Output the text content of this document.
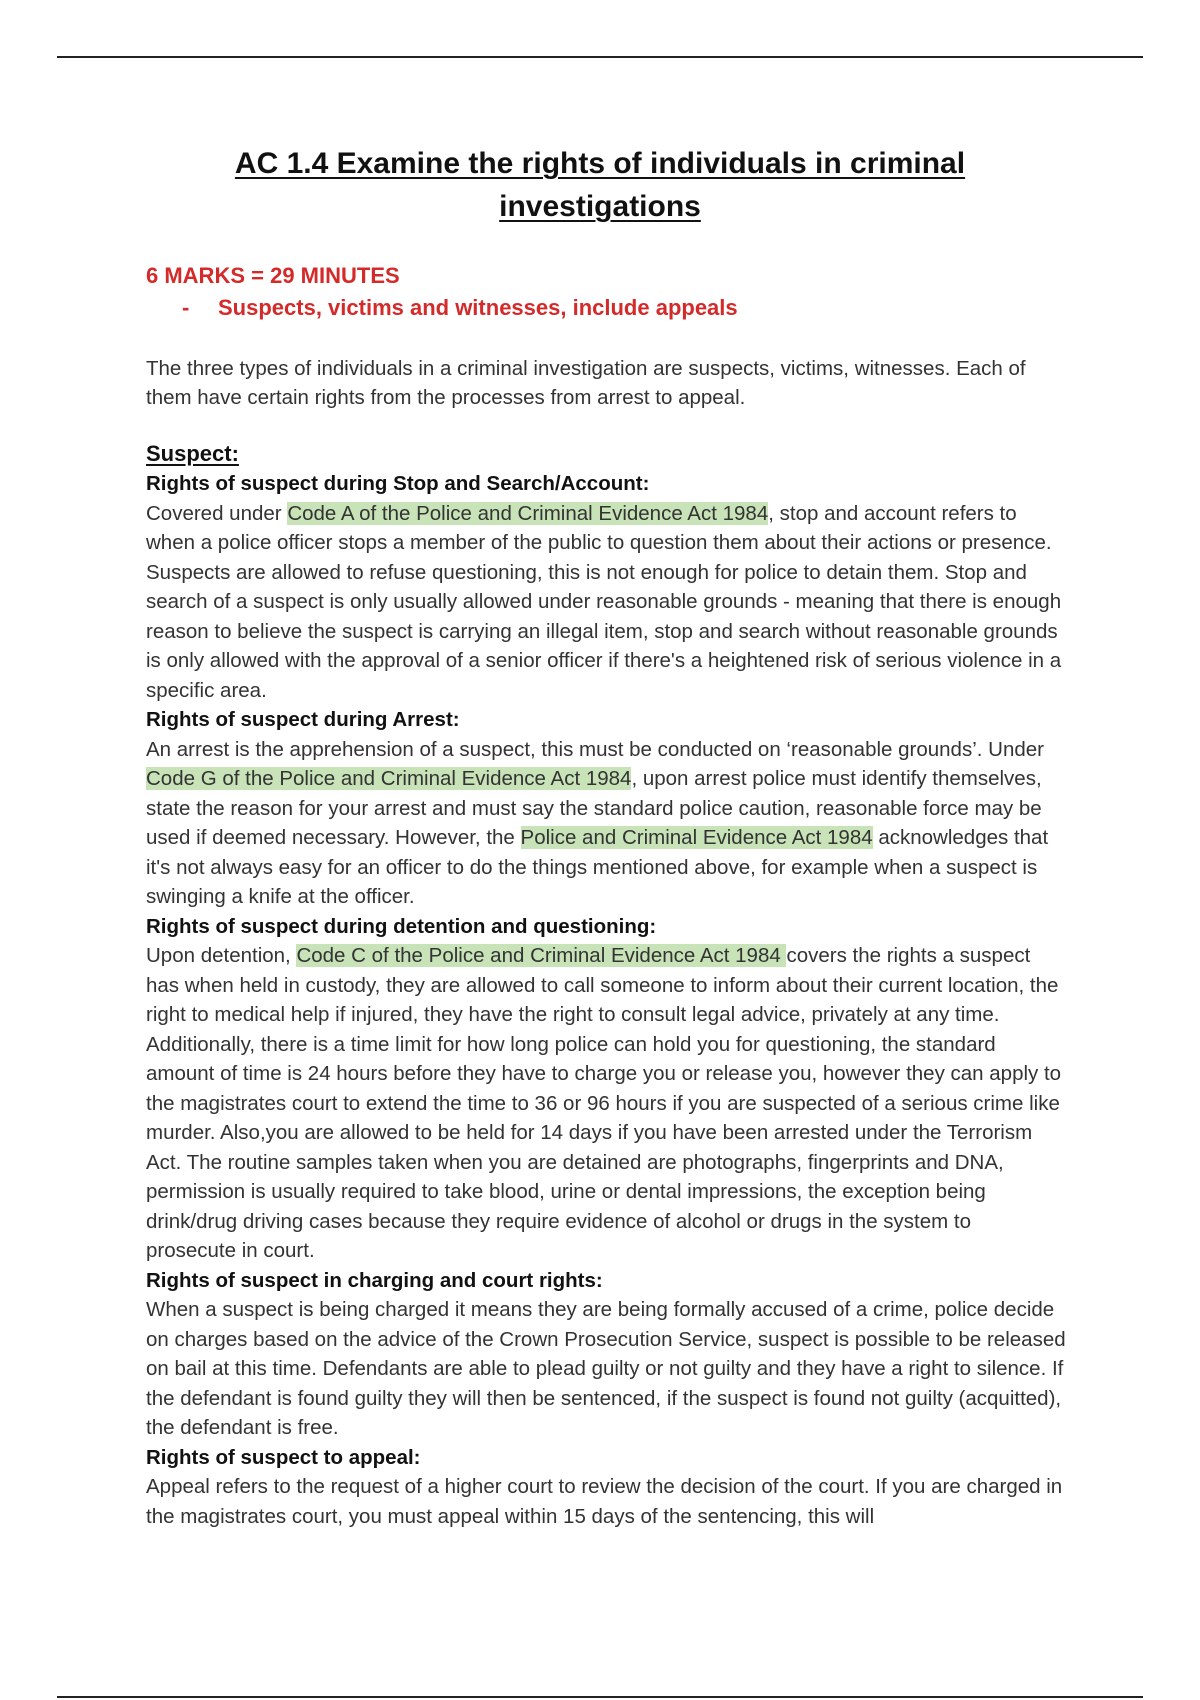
AC 1.4 Examine the rights of individuals in criminal investigations

6 MARKS = 29 MINUTES

-	Suspects, victims and witnesses, include appeals

The three types of individuals in a criminal investigation are suspects, victims, witnesses. Each of them have certain rights from the processes from arrest to appeal.

Suspect:

Rights of suspect during Stop and Search/Account:

Covered under Code A of the Police and Criminal Evidence Act 1984, stop and account refers to when a police officer stops a member of the public to question them about their actions or presence. Suspects are allowed to refuse questioning, this is not enough for police to detain them. Stop and search of a suspect is only usually allowed under reasonable grounds - meaning that there is enough reason to believe the suspect is carrying an illegal item, stop and search without reasonable grounds is only allowed with the approval of a senior officer if there's a heightened risk of serious violence in a specific area.

Rights of suspect during Arrest:

An arrest is the apprehension of a suspect, this must be conducted on ‘reasonable grounds’. Under Code G of the Police and Criminal Evidence Act 1984, upon arrest police must identify themselves, state the reason for your arrest and must say the standard police caution, reasonable force may be used if deemed necessary. However, the Police and Criminal Evidence Act 1984 acknowledges that it's not always easy for an officer to do the things mentioned above, for example when a suspect is swinging a knife at the officer.

Rights of suspect during detention and questioning:

Upon detention, Code C of the Police and Criminal Evidence Act 1984 covers the rights a suspect has when held in custody, they are allowed to call someone to inform about their current location, the right to medical help if injured, they have the right to consult legal advice, privately at any time. Additionally, there is a time limit for how long police can hold you for questioning, the standard amount of time is 24 hours before they have to charge you or release you, however they can apply to the magistrates court to extend the time to 36 or 96 hours if you are suspected of a serious crime like murder. Also,you are allowed to be held for 14 days if you have been arrested under the Terrorism Act. The routine samples taken when you are detained are photographs, fingerprints and DNA, permission is usually required to take blood, urine or dental impressions, the exception being drink/drug driving cases because they require evidence of alcohol or drugs in the system to prosecute in court.

Rights of suspect in charging and court rights:

When a suspect is being charged it means they are being formally accused of a crime, police decide on charges based on the advice of the Crown Prosecution Service, suspect is possible to be released on bail at this time. Defendants are able to plead guilty or not guilty and they have a right to silence. If the defendant is found guilty they will then be sentenced, if the suspect is found not guilty (acquitted), the defendant is free.

Rights of suspect to appeal:

Appeal refers to the request of a higher court to review the decision of the court. If you are charged in the magistrates court, you must appeal within 15 days of the sentencing, this will
